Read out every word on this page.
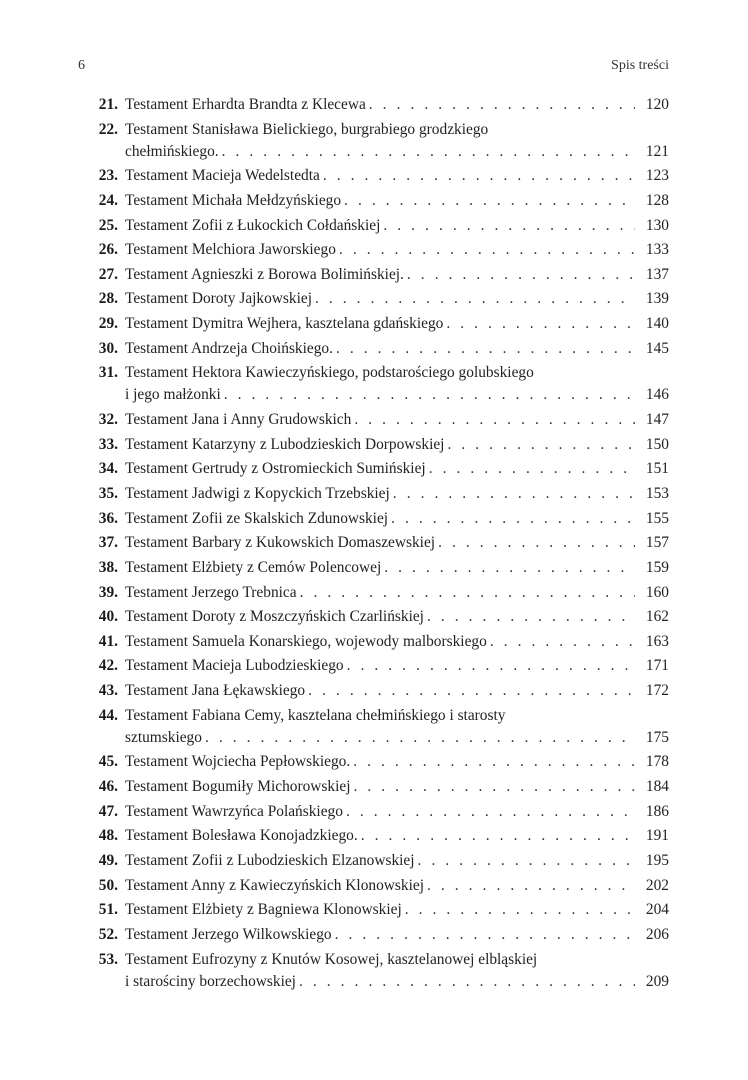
6	Spis treści
21. Testament Erhardta Brandta z Klecewa . . .	120
22. Testament Stanisława Bielickiego, burgrabiego grodzkiego
chełmińskiego. . . .	121
23. Testament Macieja Wedelstedta . . .	123
24. Testament Michała Mełdzyńskiego . . .	128
25. Testament Zofii z Łukockich Cołdańskiej . . .	130
26. Testament Melchiora Jaworskiego . . .	133
27. Testament Agnieszki z Borowa Bolimińskiej. . . .	137
28. Testament Doroty Jajkowskiej . . .	139
29. Testament Dymitra Wejhera, kasztelana gdańskiego . . .	140
30. Testament Andrzeja Choińskiego. . . .	145
31. Testament Hektora Kawieczyńskiego, podstarościego golubskiego
i jego małżonki . . .	146
32. Testament Jana i Anny Grudowskich . . .	147
33. Testament Katarzyny z Lubodzieskich Dorpowskiej . . .	150
34. Testament Gertrudy z Ostromieckich Sumińskiej . . .	151
35. Testament Jadwigi z Kopyckich Trzebskiej . . .	153
36. Testament Zofii ze Skalskich Zdunowskiej . . .	155
37. Testament Barbary z Kukowskich Domaszewskiej . . .	157
38. Testament Elżbiety z Cemów Polencowej . . .	159
39. Testament Jerzego Trebnica . . .	160
40. Testament Doroty z Moszczyńskich Czarlińskiej . . .	162
41. Testament Samuela Konarskiego, wojewody malborskiego . . .	163
42. Testament Macieja Lubodzieskiego . . .	171
43. Testament Jana Łękawskiego . . .	172
44. Testament Fabiana Cemy, kasztelana chełmińskiego i starosty
sztumskiego . . .	175
45. Testament Wojciecha Pepłowskiego. . . .	178
46. Testament Bogumiły Michorowskiej . . .	184
47. Testament Wawrzyńca Polańskiego . . .	186
48. Testament Bolesława Konojadzkiego. . . .	191
49. Testament Zofii z Lubodzieskich Elzanowskiej . . .	195
50. Testament Anny z Kawieczyńskich Klonowskiej . . .	202
51. Testament Elżbiety z Bagniewa Klonowskiej . . .	204
52. Testament Jerzego Wilkowskiego . . .	206
53. Testament Eufrozyny z Knutów Kosowej, kasztelanowej elbląskiej
i starościny borzechowskiej . . .	209
